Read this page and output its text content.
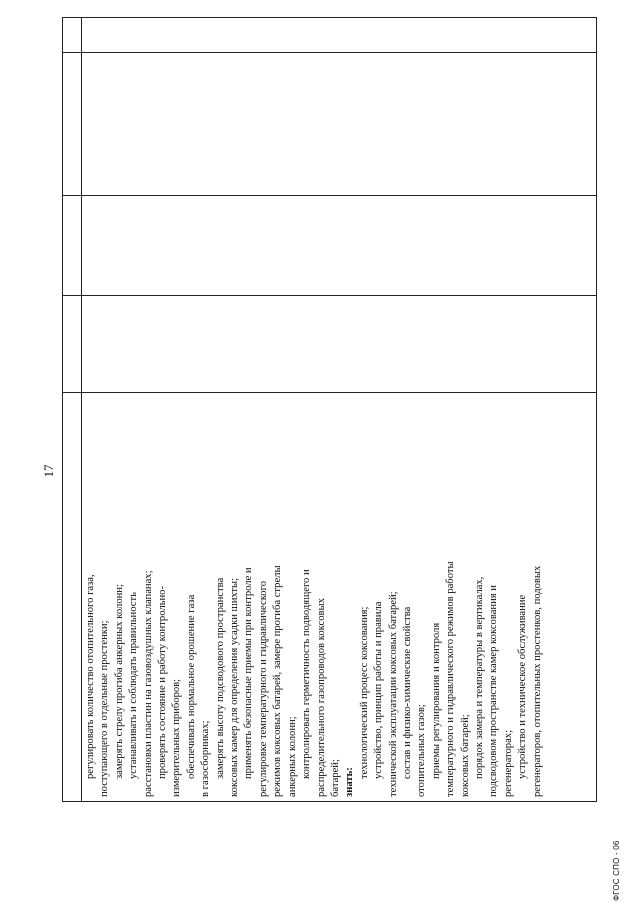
17
регулировать количество отопительного газа, поступающего в отдельные простенки; замерять стрелу прогиба анкерных колонн; устанавливать и соблюдать правильность расстановки пластин на газовоздушных клапанах; проверять состояние и работу контрольно- измерительных приборов; обеспечивать нормальное орошение газа в газосборниках; замерять высоту подсводового пространства коксовых камер для определения усадки шихты; применять безопасные приемы при контроле и регулировке температурного и гидравлического режимов коксовых батарей, замере прогиба стрелы анкерных колонн; контролировать герметичность подводящего и распределительного газопроводов коксовых батарей; знать:
технологический процесс коксования; устройство, принцип работы и правила технической эксплуатации коксовых батарей; состав и физико-химические свойства отопительных газов; приемы регулирования и контроля температурного и гидравлического режимов работы коксовых батарей; порядок замера и температуры в вертикалах, подсводовом пространстве камер коксования и регенераторах; устройство и техническое обслуживание регенераторов, отопительных простенков, подовых
ФГОС СПО - 06
